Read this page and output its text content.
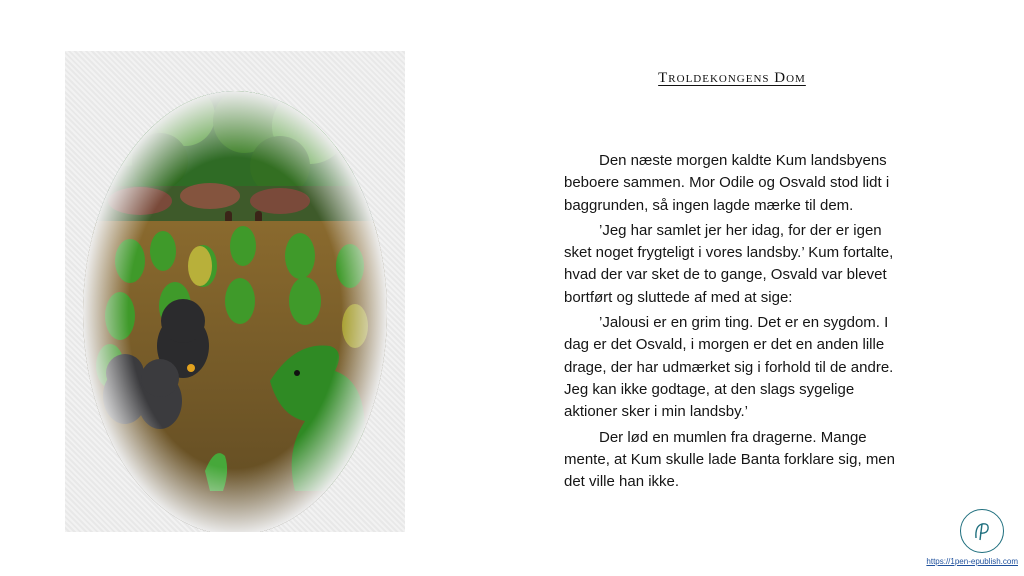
Troldekongens Dom

Den næste morgen kaldte Kum landsbyens beboere sammen. Mor Odile og Osvald stod lidt i baggrunden, så ingen lagde mærke til dem.

’Jeg har samlet jer her idag, for der er igen sket noget frygteligt i vores landsby.’ Kum fortalte, hvad der var sket de to gange, Osvald var blevet bortført og sluttede af med at sige:

’Jalousi er en grim ting. Det er en sygdom. I dag er det Osvald, i morgen er det en anden lille drage, der har udmærket sig i forhold til de andre. Jeg kan ikke godtage, at den slags sygelige aktioner sker i min landsby.’

Der lød en mumlen fra dragerne. Mange mente, at Kum skulle lade Banta forklare sig, men det ville han ikke.

https://1pen-epublish.com
